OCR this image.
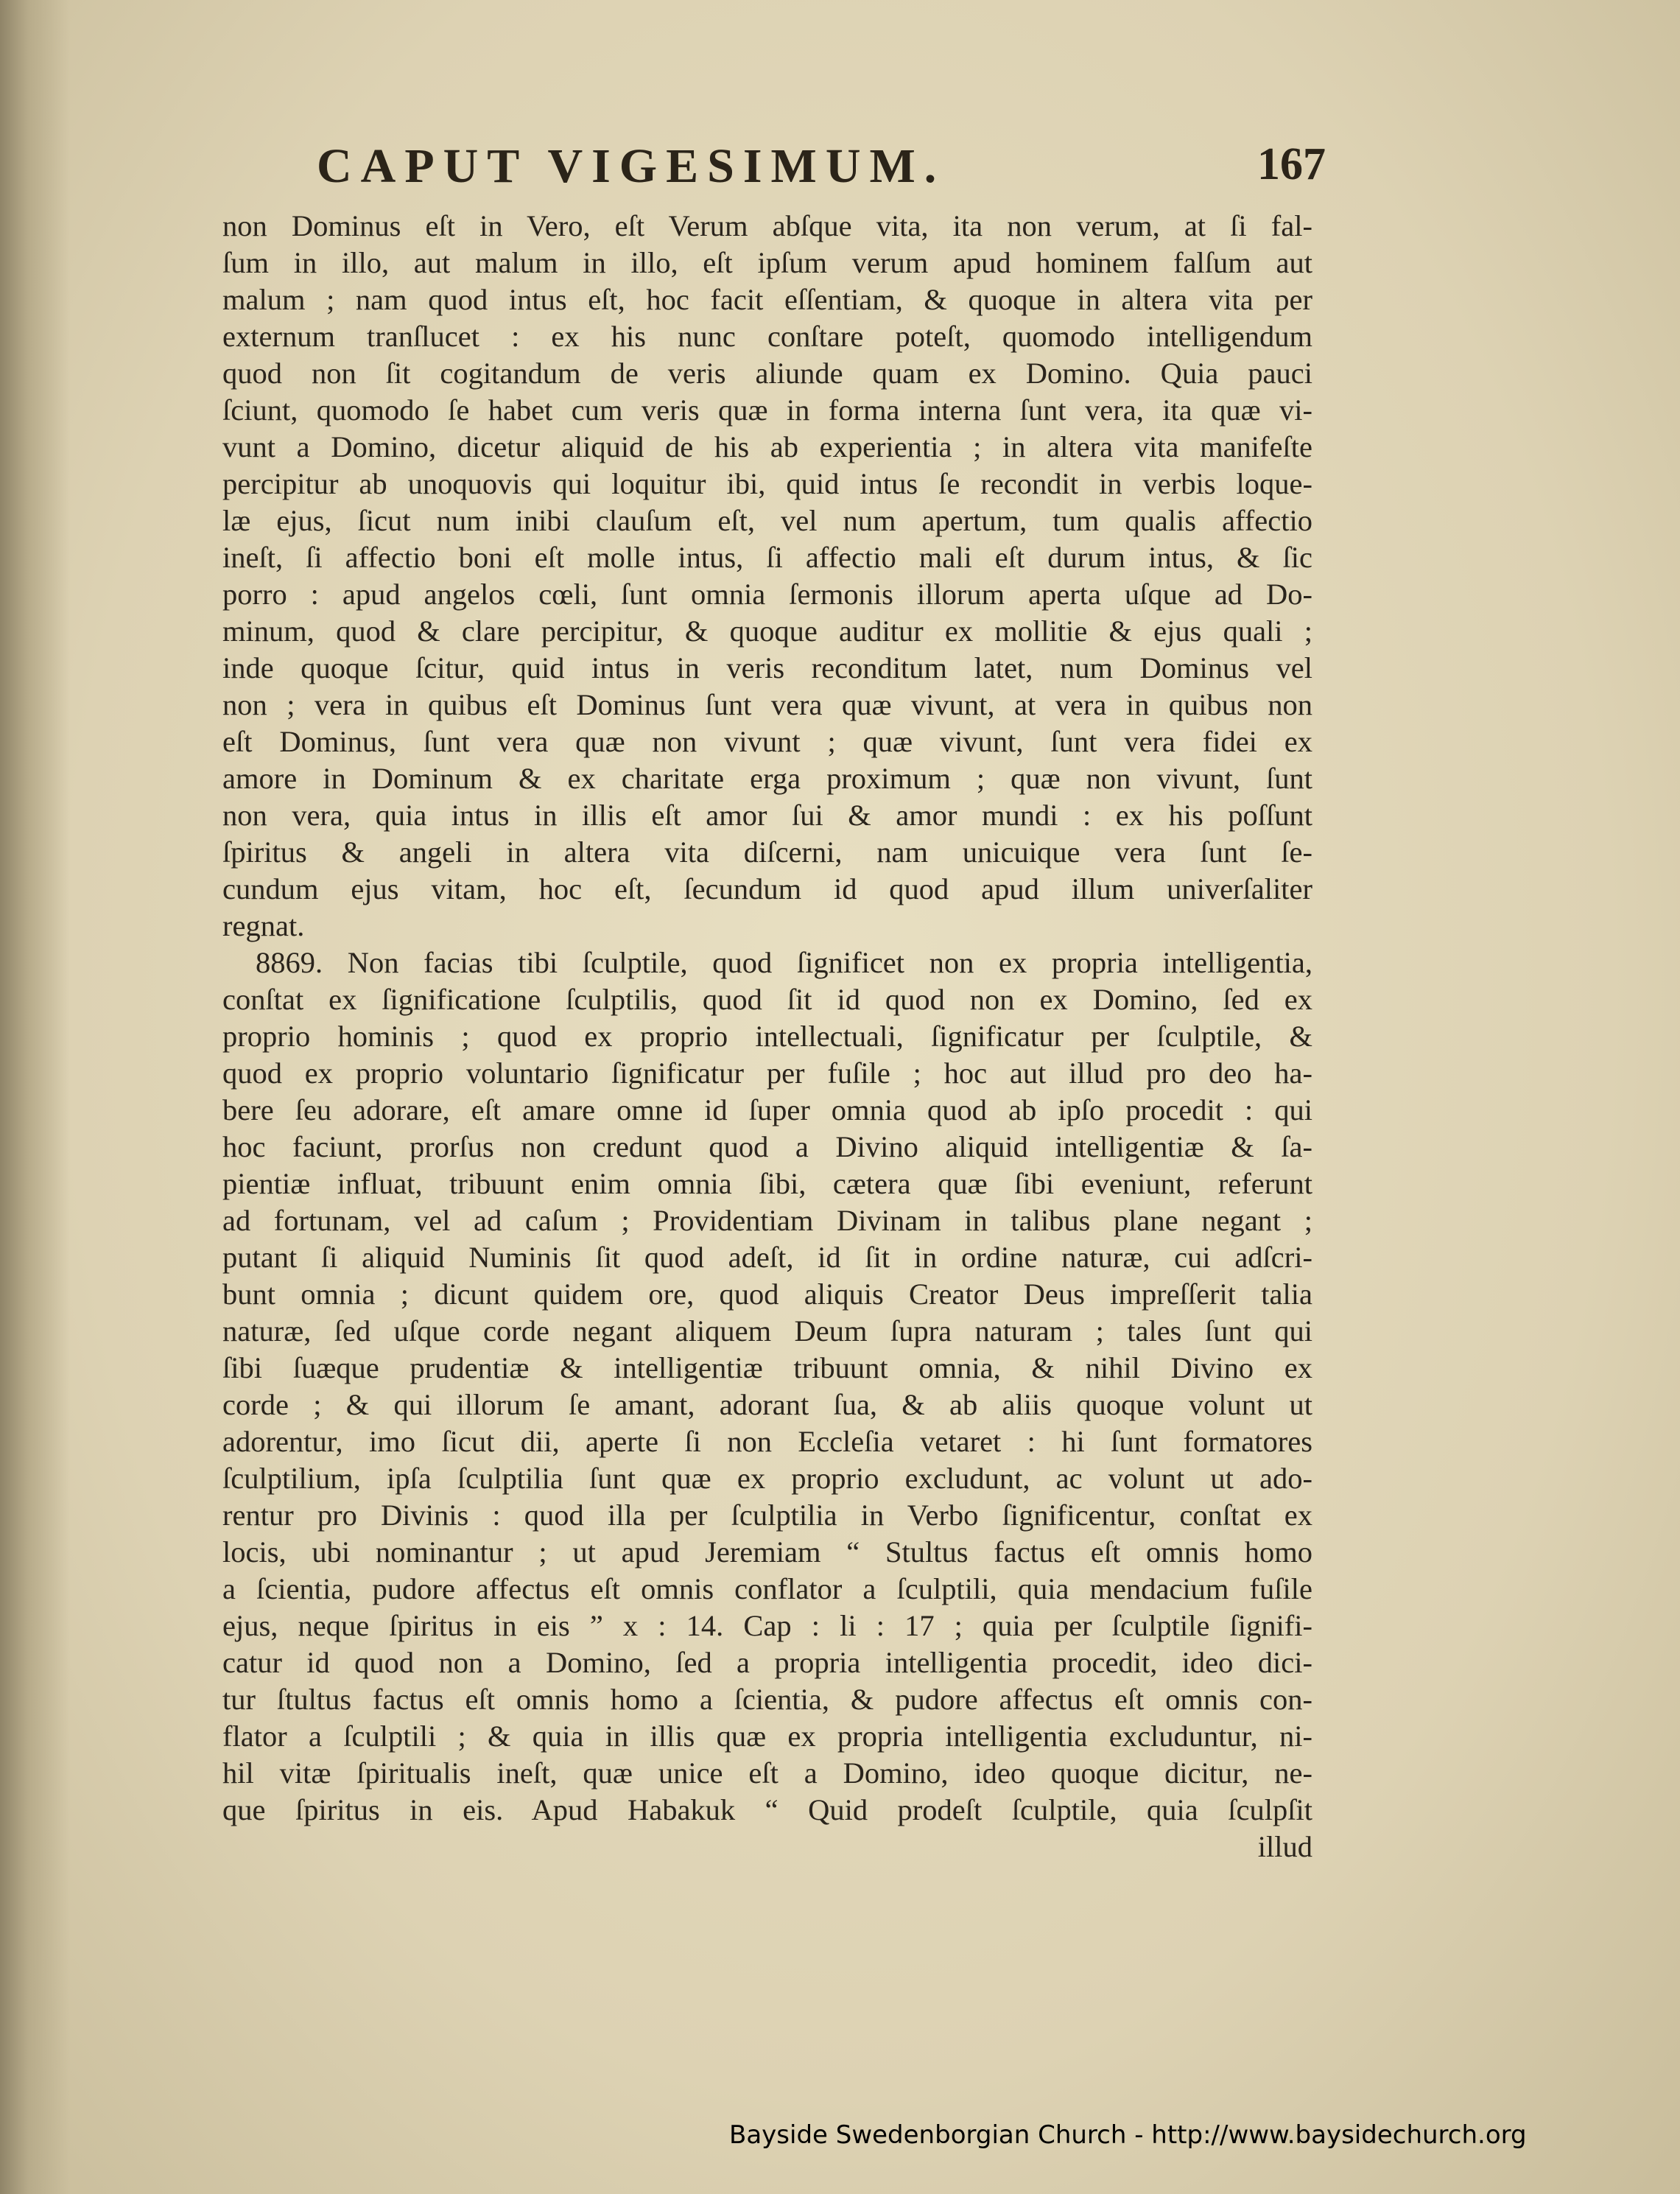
CAPUT VIGESIMUM.	167
non Dominus eſt in Vero, eſt Verum abſque vita, ita non verum, at ſi fal-
ſum in illo, aut malum in illo, eſt ipſum verum apud hominem falſum aut
malum ; nam quod intus eſt, hoc facit eſſentiam, & quoque in altera vita per
externum tranſlucet : ex his nunc conſtare poteſt, quomodo intelligendum
quod non ſit cogitandum de veris aliunde quam ex Domino. Quia pauci
ſciunt, quomodo ſe habet cum veris quæ in forma interna ſunt vera, ita quæ vi-
vunt a Domino, dicetur aliquid de his ab experientia ; in altera vita manifeſte
percipitur ab unoquovis qui loquitur ibi, quid intus ſe recondit in verbis loque-
læ ejus, ſicut num inibi clauſum eſt, vel num apertum, tum qualis affectio
ineſt, ſi affectio boni eſt molle intus, ſi affectio mali eſt durum intus, & ſic
porro : apud angelos cœli, ſunt omnia ſermonis illorum aperta uſque ad Do-
minum, quod & clare percipitur, & quoque auditur ex mollitie & ejus quali ;
inde quoque ſcitur, quid intus in veris reconditum latet, num Dominus vel
non ; vera in quibus eſt Dominus ſunt vera quæ vivunt, at vera in quibus non
eſt Dominus, ſunt vera quæ non vivunt ; quæ vivunt, ſunt vera fidei ex
amore in Dominum & ex charitate erga proximum ; quæ non vivunt, ſunt
non vera, quia intus in illis eſt amor ſui & amor mundi : ex his poſſunt
ſpiritus & angeli in altera vita diſcerni, nam unicuique vera ſunt ſe-
cundum ejus vitam, hoc eſt, ſecundum id quod apud illum univerſaliter
regnat.
8869. Non facias tibi ſculptile, quod ſignificet non ex propria intelligentia,
conſtat ex ſignificatione ſculptilis, quod ſit id quod non ex Domino, ſed ex
proprio hominis ; quod ex proprio intellectuali, ſignificatur per ſculptile, &
quod ex proprio voluntario ſignificatur per fuſile ; hoc aut illud pro deo ha-
bere ſeu adorare, eſt amare omne id ſuper omnia quod ab ipſo procedit : qui
hoc faciunt, prorſus non credunt quod a Divino aliquid intelligentiæ & ſa-
pientiæ influat, tribuunt enim omnia ſibi, cætera quæ ſibi eveniunt, referunt
ad fortunam, vel ad caſum ; Providentiam Divinam in talibus plane negant ;
putant ſi aliquid Numinis ſit quod adeſt, id ſit in ordine naturæ, cui adſcri-
bunt omnia ; dicunt quidem ore, quod aliquis Creator Deus impreſſerit talia
naturæ, ſed uſque corde negant aliquem Deum ſupra naturam ; tales ſunt qui
ſibi ſuæque prudentiæ & intelligentiæ tribuunt omnia, & nihil Divino ex
corde ; & qui illorum ſe amant, adorant ſua, & ab aliis quoque volunt ut
adorentur, imo ſicut dii, aperte ſi non Eccleſia vetaret : hi ſunt formatores
ſculptilium, ipſa ſculptilia ſunt quæ ex proprio excludunt, ac volunt ut ado-
rentur pro Divinis : quod illa per ſculptilia in Verbo ſignificentur, conſtat ex
locis, ubi nominantur ; ut apud Jeremiam “ Stultus factus eſt omnis homo
a ſcientia, pudore affectus eſt omnis conflator a ſculptili, quia mendacium fuſile
ejus, neque ſpiritus in eis ” x : 14. Cap : li : 17 ; quia per ſculptile ſignifi-
catur id quod non a Domino, ſed a propria intelligentia procedit, ideo dici-
tur ſtultus factus eſt omnis homo a ſcientia, & pudore affectus eſt omnis con-
flator a ſculptili ; & quia in illis quæ ex propria intelligentia excluduntur, ni-
hil vitæ ſpiritualis ineſt, quæ unice eſt a Domino, ideo quoque dicitur, ne-
que ſpiritus in eis. Apud Habakuk “ Quid prodeſt ſculptile, quia ſculpſit
illud
Bayside Swedenborgian Church - http://www.baysidechurch.org
